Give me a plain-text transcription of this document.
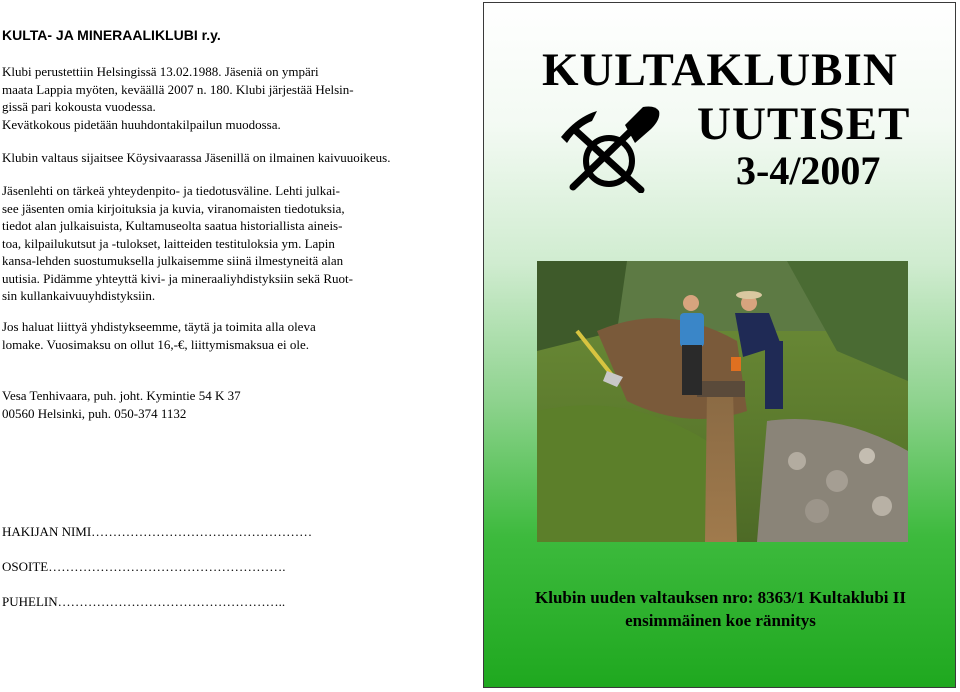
KULTA- JA MINERAALIKLUBI r.y.
Klubi perustettiin Helsingissä 13.02.1988. Jäseniä on ympäri
maata Lappia myöten, keväällä 2007 n. 180. Klubi järjestää Helsin-
gissä pari kokousta vuodessa.
Kevätkokous pidetään huuhdontakilpailun muodossa.
Klubin valtaus sijaitsee Köysivaarassa Jäsenillä on ilmainen kaivuuoikeus.
Jäsenlehti on tärkeä yhteydenpito- ja tiedotusväline. Lehti julkai-
see jäsenten omia kirjoituksia ja kuvia, viranomaisten tiedotuksia,
tiedot alan julkaisuista, Kultamuseolta saatua historiallista aineis-
toa, kilpailukutsut ja -tulokset, laitteiden testituloksia ym. Lapin
kansa-lehden suostumuksella julkaisemme siinä ilmestyneitä alan
uutisia. Pidämme yhteyttä kivi- ja mineraaliyhdistyksiin sekä Ruot-
sin kullankaivuuyhdistyksiin.
Jos haluat liittyä yhdistykseemme, täytä ja toimita alla oleva
lomake. Vuosimaksu on ollut 16,-€, liittymismaksua ei ole.
Vesa Tenhivaara, puh. joht. Kymintie 54 K 37
00560 Helsinki, puh. 050-374 1132
HAKIJAN NIMI……………………………………………
OSOITE……………………………………………….
PUHELIN……………………………………………..
KULTAKLUBIN
UUTISET
3-4/2007
Klubin uuden valtauksen nro: 8363/1 Kultaklubi II
ensimmäinen koe rännitys
